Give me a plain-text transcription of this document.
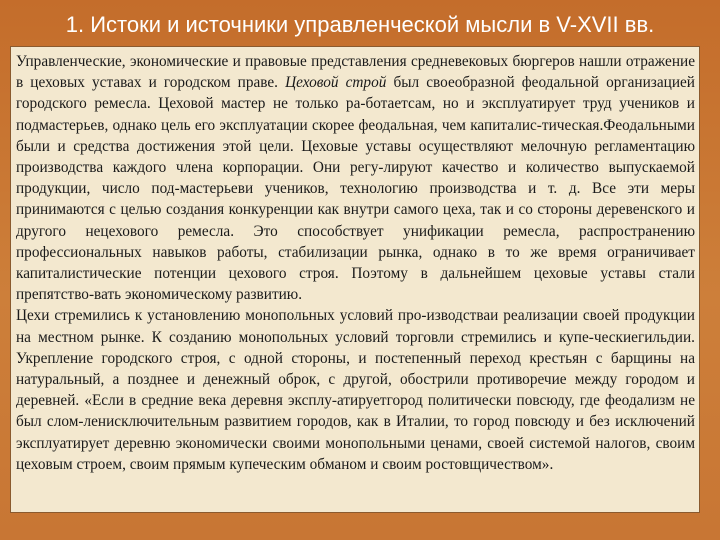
1. Истоки и источники управленческой мысли в V-XVII вв.

Управленческие, экономические и правовые представления средневековых бюргеров нашли отражение в цеховых уставах и городском праве. Цеховой строй был своеобразной феодальной организацией городского ремесла. Цеховой мастер не только ра-ботаетсам, но и эксплуатирует труд учеников и подмастерьев, однако цель его эксплуатации скорее феодальная, чем капиталис-тическая.Феодальными были и средства достижения этой цели. Цеховые уставы осуществляют мелочную регламентацию производства каждого члена корпорации. Они регу-лируют качество и количество выпускаемой продукции, число под-мастерьеви учеников, технологию производства и т. д. Все эти меры принимаются с целью создания конкуренции как внутри самого цеха, так и со стороны деревенского и другого нецехового ремесла. Это способствует унификации ремесла, распространению профессиональных навыков работы, стабилизации рынка, однако в то же время ограничивает капиталистические потенции цехового строя. Поэтому в дальнейшем цеховые уставы стали препятство-вать экономическому развитию.

Цехи стремились к установлению монопольных условий про-изводстваи реализации своей продукции на местном рынке. К созданию монопольных условий торговли стремились и купе-ческиегильдии. Укрепление городского строя, с одной стороны, и постепенный переход крестьян с барщины на натуральный, а позднее и денежный оброк, с другой, обострили противоречие между городом и деревней. «Если в средние века деревня эксплу-атируетгород политически повсюду, где феодализм не был слом-ленисключительным развитием городов, как в Италии, то город повсюду и без исключений эксплуатирует деревню экономически своими монопольными ценами, своей системой налогов, своим цеховым строем, своим прямым купеческим обманом и своим ростовщичеством».
